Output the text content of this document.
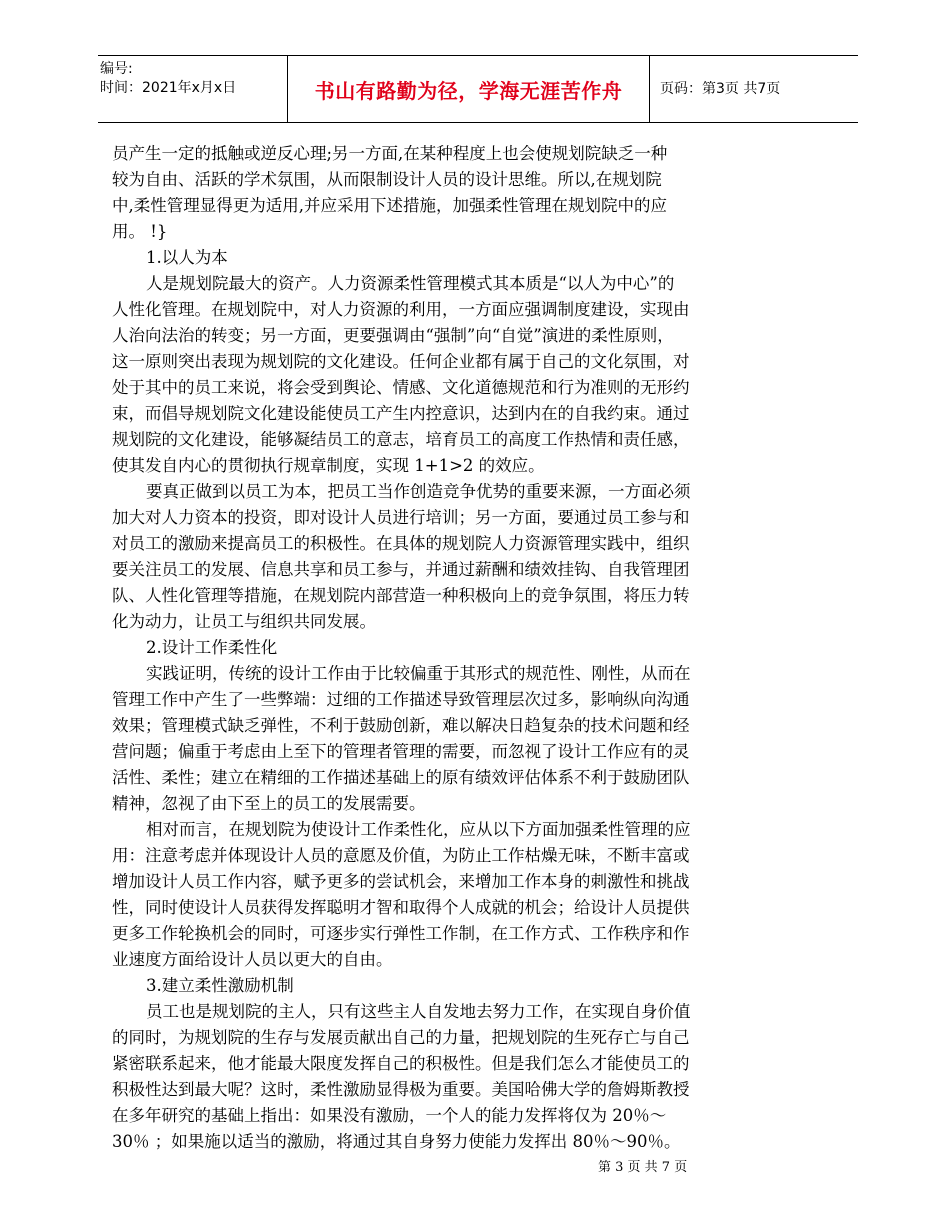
编号:
时间：2021年x月x日	书山有路勤为径，学海无涯苦作舟	页码：第3页 共7页
员产生一定的抵触或逆反心理;另一方面,在某种程度上也会使规划院缺乏一种
较为自由、活跃的学术氛围，从而限制设计人员的设计思维。所以,在规划院
中,柔性管理显得更为适用,并应采用下述措施，加强柔性管理在规划院中的应
用。 !}
1.以人为本
人是规划院最大的资产。人力资源柔性管理模式其本质是“以人为中心”的
人性化管理。在规划院中，对人力资源的利用，一方面应强调制度建设，实现由
人治向法治的转变；另一方面，更要强调由“强制”向“自觉”演进的柔性原则，
这一原则突出表现为规划院的文化建设。任何企业都有属于自己的文化氛围，对
处于其中的员工来说，将会受到舆论、情感、文化道德规范和行为准则的无形约
束，而倡导规划院文化建设能使员工产生内控意识，达到内在的自我约束。通过
规划院的文化建设，能够凝结员工的意志，培育员工的高度工作热情和责任感，
使其发自内心的贯彻执行规章制度，实现 1+1>2 的效应。
要真正做到以员工为本，把员工当作创造竞争优势的重要来源，一方面必须
加大对人力资本的投资，即对设计人员进行培训；另一方面，要通过员工参与和
对员工的激励来提高员工的积极性。在具体的规划院人力资源管理实践中，组织
要关注员工的发展、信息共享和员工参与，并通过薪酬和绩效挂钩、自我管理团
队、人性化管理等措施，在规划院内部营造一种积极向上的竞争氛围，将压力转
化为动力，让员工与组织共同发展。
2.设计工作柔性化
实践证明，传统的设计工作由于比较偏重于其形式的规范性、刚性，从而在
管理工作中产生了一些弊端：过细的工作描述导致管理层次过多，影响纵向沟通
效果；管理模式缺乏弹性，不利于鼓励创新，难以解决日趋复杂的技术问题和经
营问题；偏重于考虑由上至下的管理者管理的需要，而忽视了设计工作应有的灵
活性、柔性；建立在精细的工作描述基础上的原有绩效评估体系不利于鼓励团队
精神，忽视了由下至上的员工的发展需要。
相对而言，在规划院为使设计工作柔性化，应从以下方面加强柔性管理的应
用：注意考虑并体现设计人员的意愿及价值，为防止工作枯燥无味，不断丰富或
增加设计人员工作内容，赋予更多的尝试机会，来增加工作本身的刺激性和挑战
性，同时使设计人员获得发挥聪明才智和取得个人成就的机会；给设计人员提供
更多工作轮换机会的同时，可逐步实行弹性工作制，在工作方式、工作秩序和作
业速度方面给设计人员以更大的自由。
3.建立柔性激励机制
员工也是规划院的主人，只有这些主人自发地去努力工作，在实现自身价值
的同时，为规划院的生存与发展贡献出自己的力量，把规划院的生死存亡与自己
紧密联系起来，他才能最大限度发挥自己的积极性。但是我们怎么才能使员工的
积极性达到最大呢？这时，柔性激励显得极为重要。美国哈佛大学的詹姆斯教授
在多年研究的基础上指出：如果没有激励，一个人的能力发挥将仅为 20％～
30％ ；如果施以适当的激励，将通过其自身努力使能力发挥出 80％～90％。
第 3 页 共 7 页
